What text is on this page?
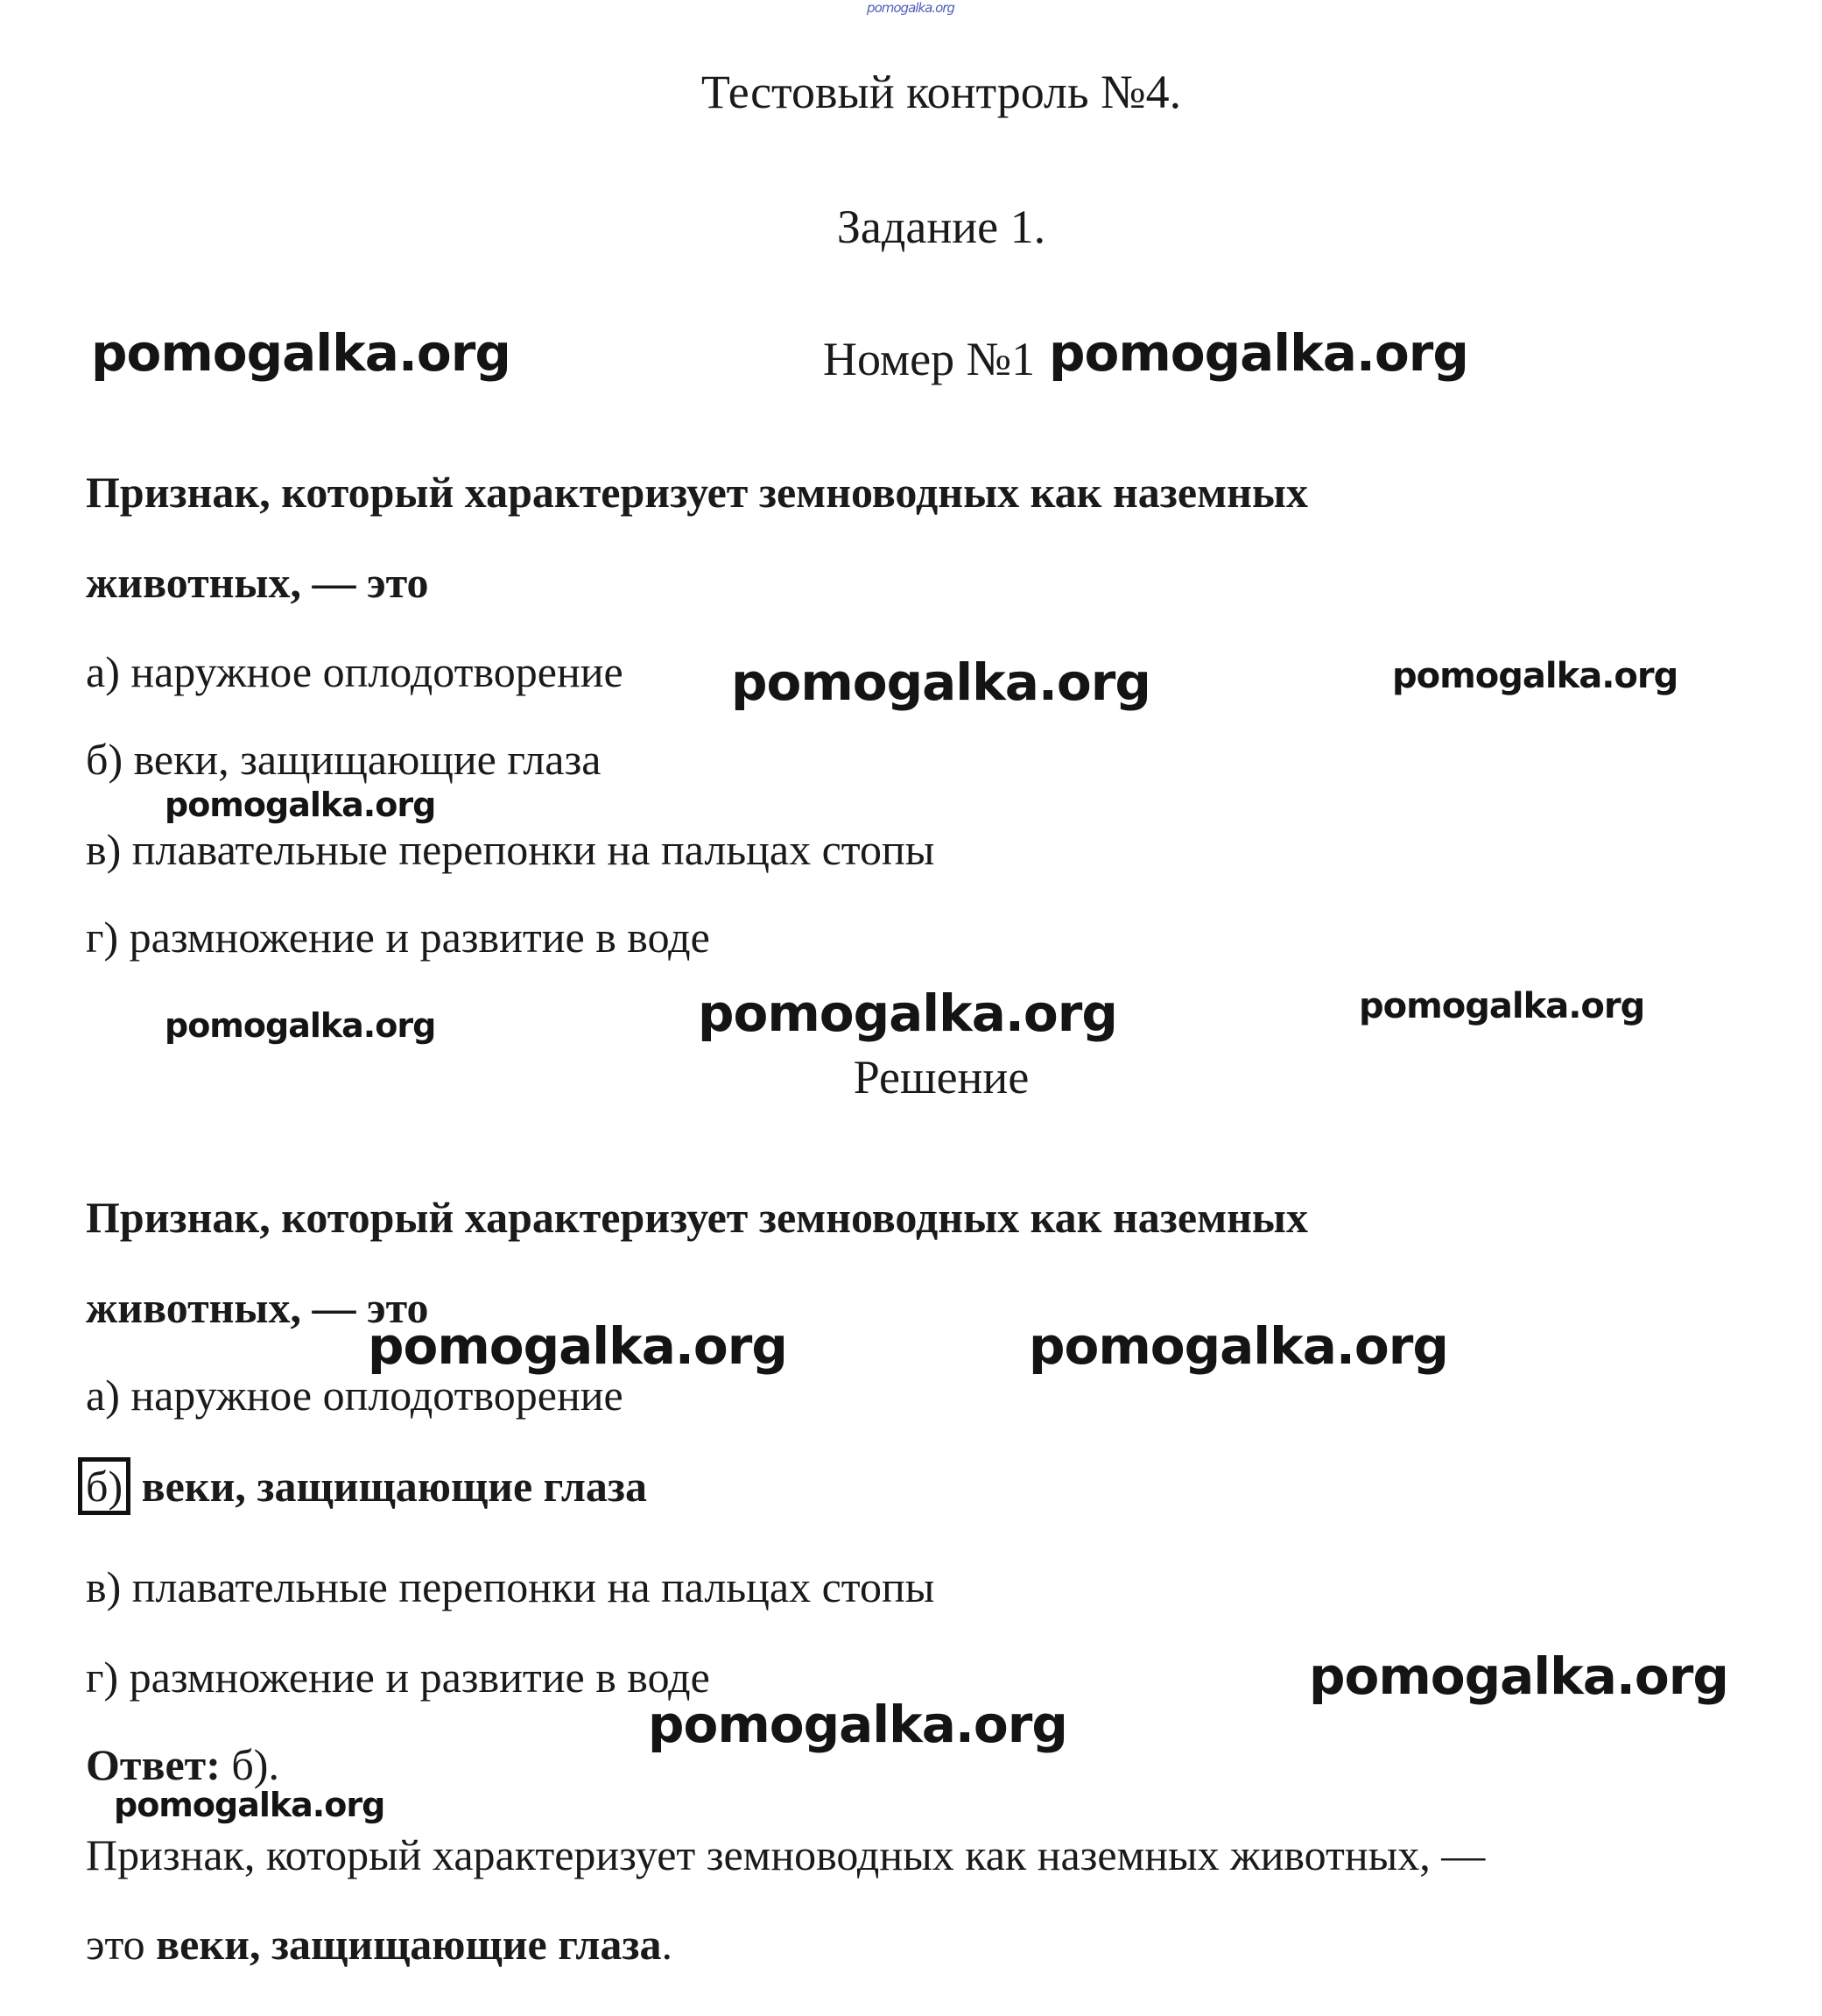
pomogalka.org
Тестовый контроль №4.
Задание 1.
Номер №1
Признак, который характеризует земноводных как наземных
животных, — это
а) наружное оплодотворение
б) веки, защищающие глаза
в) плавательные перепонки на пальцах стопы
г) размножение и развитие в воде
Решение
Признак, который характеризует земноводных как наземных
животных, — это
а) наружное оплодотворение
б) веки, защищающие глаза
в) плавательные перепонки на пальцах стопы
г) размножение и развитие в воде
Ответ: б).
Признак, который характеризует земноводных как наземных животных, —
это веки, защищающие глаза.
pomogalka.org	pomogalka.org
pomogalka.org	pomogalka.org
pomogalka.org
pomogalka.org	pomogalka.org
pomogalka.org
pomogalka.org	pomogalka.org
pomogalka.org
pomogalka.org
pomogalka.org
